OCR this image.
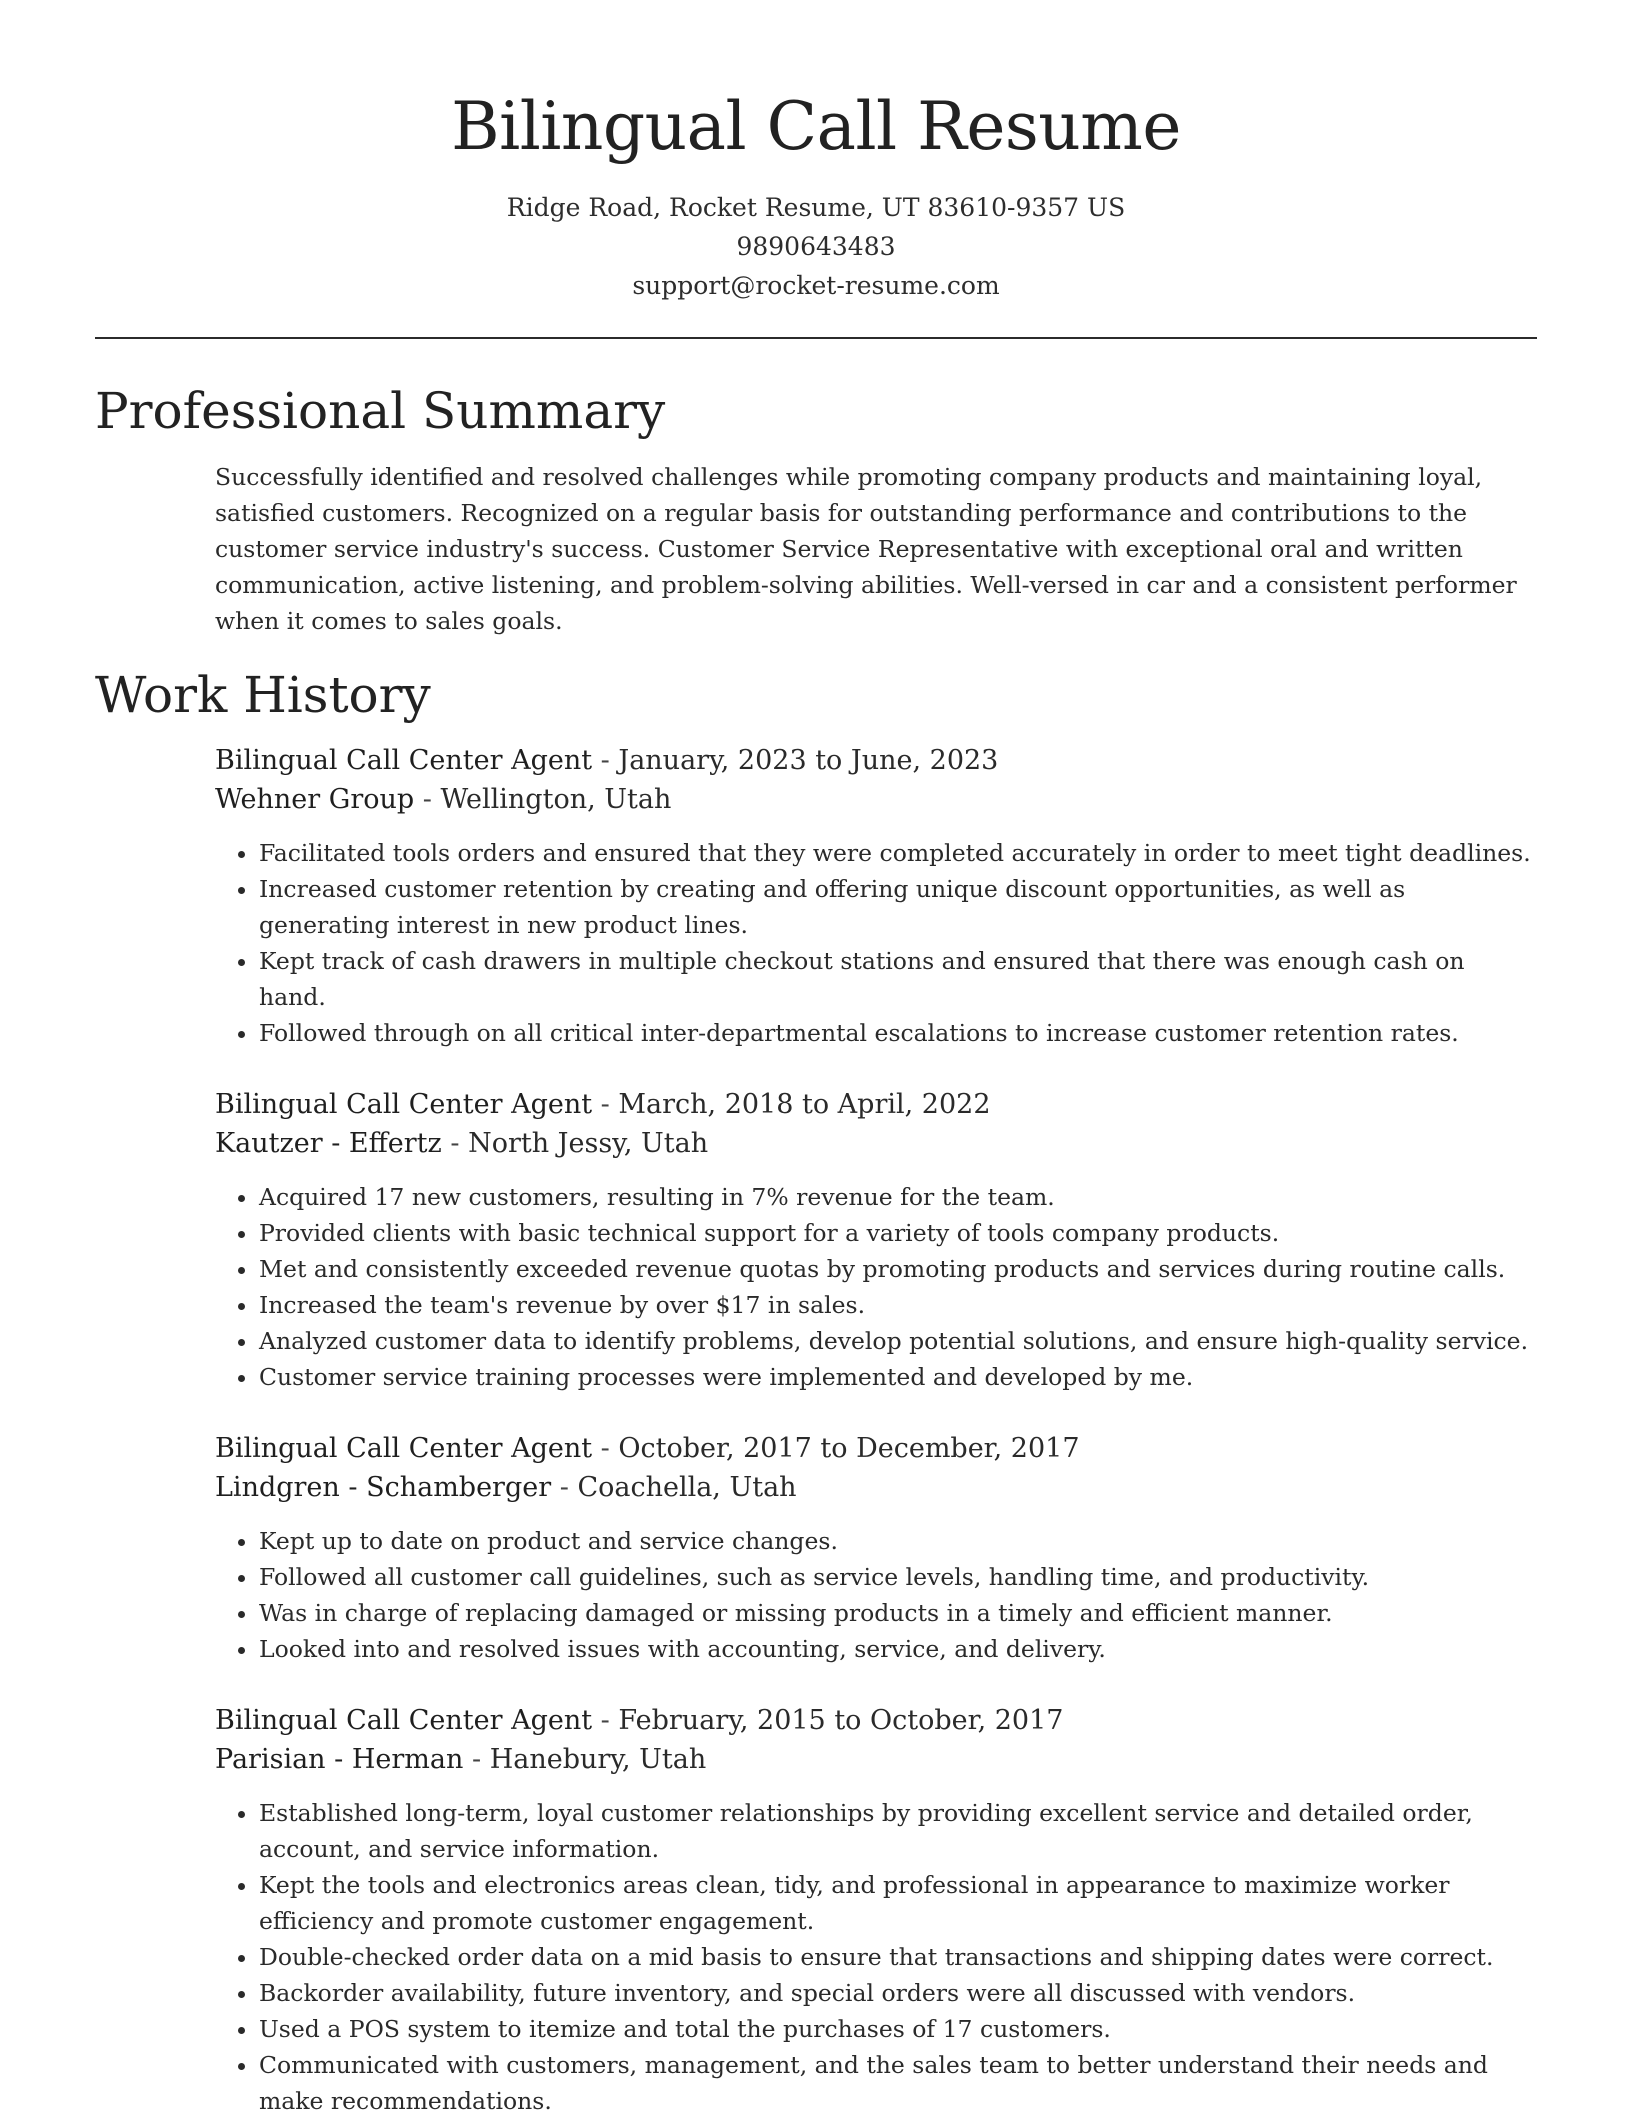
Bilingual Call Resume
Ridge Road, Rocket Resume, UT 83610-9357 US
9890643483
support@rocket-resume.com
Professional Summary

Successfully identified and resolved challenges while promoting company products and maintaining loyal, satisfied customers. Recognized on a regular basis for outstanding performance and contributions to the customer service industry's success. Customer Service Representative with exceptional oral and written communication, active listening, and problem-solving abilities. Well-versed in car and a consistent performer when it comes to sales goals.

Work History
Bilingual Call Center Agent - January, 2023 to June, 2023
Wehner Group - Wellington, Utah
• Facilitated tools orders and ensured that they were completed accurately in order to meet tight deadlines.
• Increased customer retention by creating and offering unique discount opportunities, as well as generating interest in new product lines.
• Kept track of cash drawers in multiple checkout stations and ensured that there was enough cash on hand.
• Followed through on all critical inter-departmental escalations to increase customer retention rates.
Bilingual Call Center Agent - March, 2018 to April, 2022
Kautzer - Effertz - North Jessy, Utah
• Acquired 17 new customers, resulting in 7% revenue for the team.
• Provided clients with basic technical support for a variety of tools company products.
• Met and consistently exceeded revenue quotas by promoting products and services during routine calls.
• Increased the team's revenue by over $17 in sales.
• Analyzed customer data to identify problems, develop potential solutions, and ensure high-quality service.
• Customer service training processes were implemented and developed by me.
Bilingual Call Center Agent - October, 2017 to December, 2017
Lindgren - Schamberger - Coachella, Utah
• Kept up to date on product and service changes.
• Followed all customer call guidelines, such as service levels, handling time, and productivity.
• Was in charge of replacing damaged or missing products in a timely and efficient manner.
• Looked into and resolved issues with accounting, service, and delivery.
Bilingual Call Center Agent - February, 2015 to October, 2017
Parisian - Herman - Hanebury, Utah
• Established long-term, loyal customer relationships by providing excellent service and detailed order, account, and service information.
• Kept the tools and electronics areas clean, tidy, and professional in appearance to maximize worker efficiency and promote customer engagement.
• Double-checked order data on a mid basis to ensure that transactions and shipping dates were correct.
• Backorder availability, future inventory, and special orders were all discussed with vendors.
• Used a POS system to itemize and total the purchases of 17 customers.
• Communicated with customers, management, and the sales team to better understand their needs and make recommendations.
